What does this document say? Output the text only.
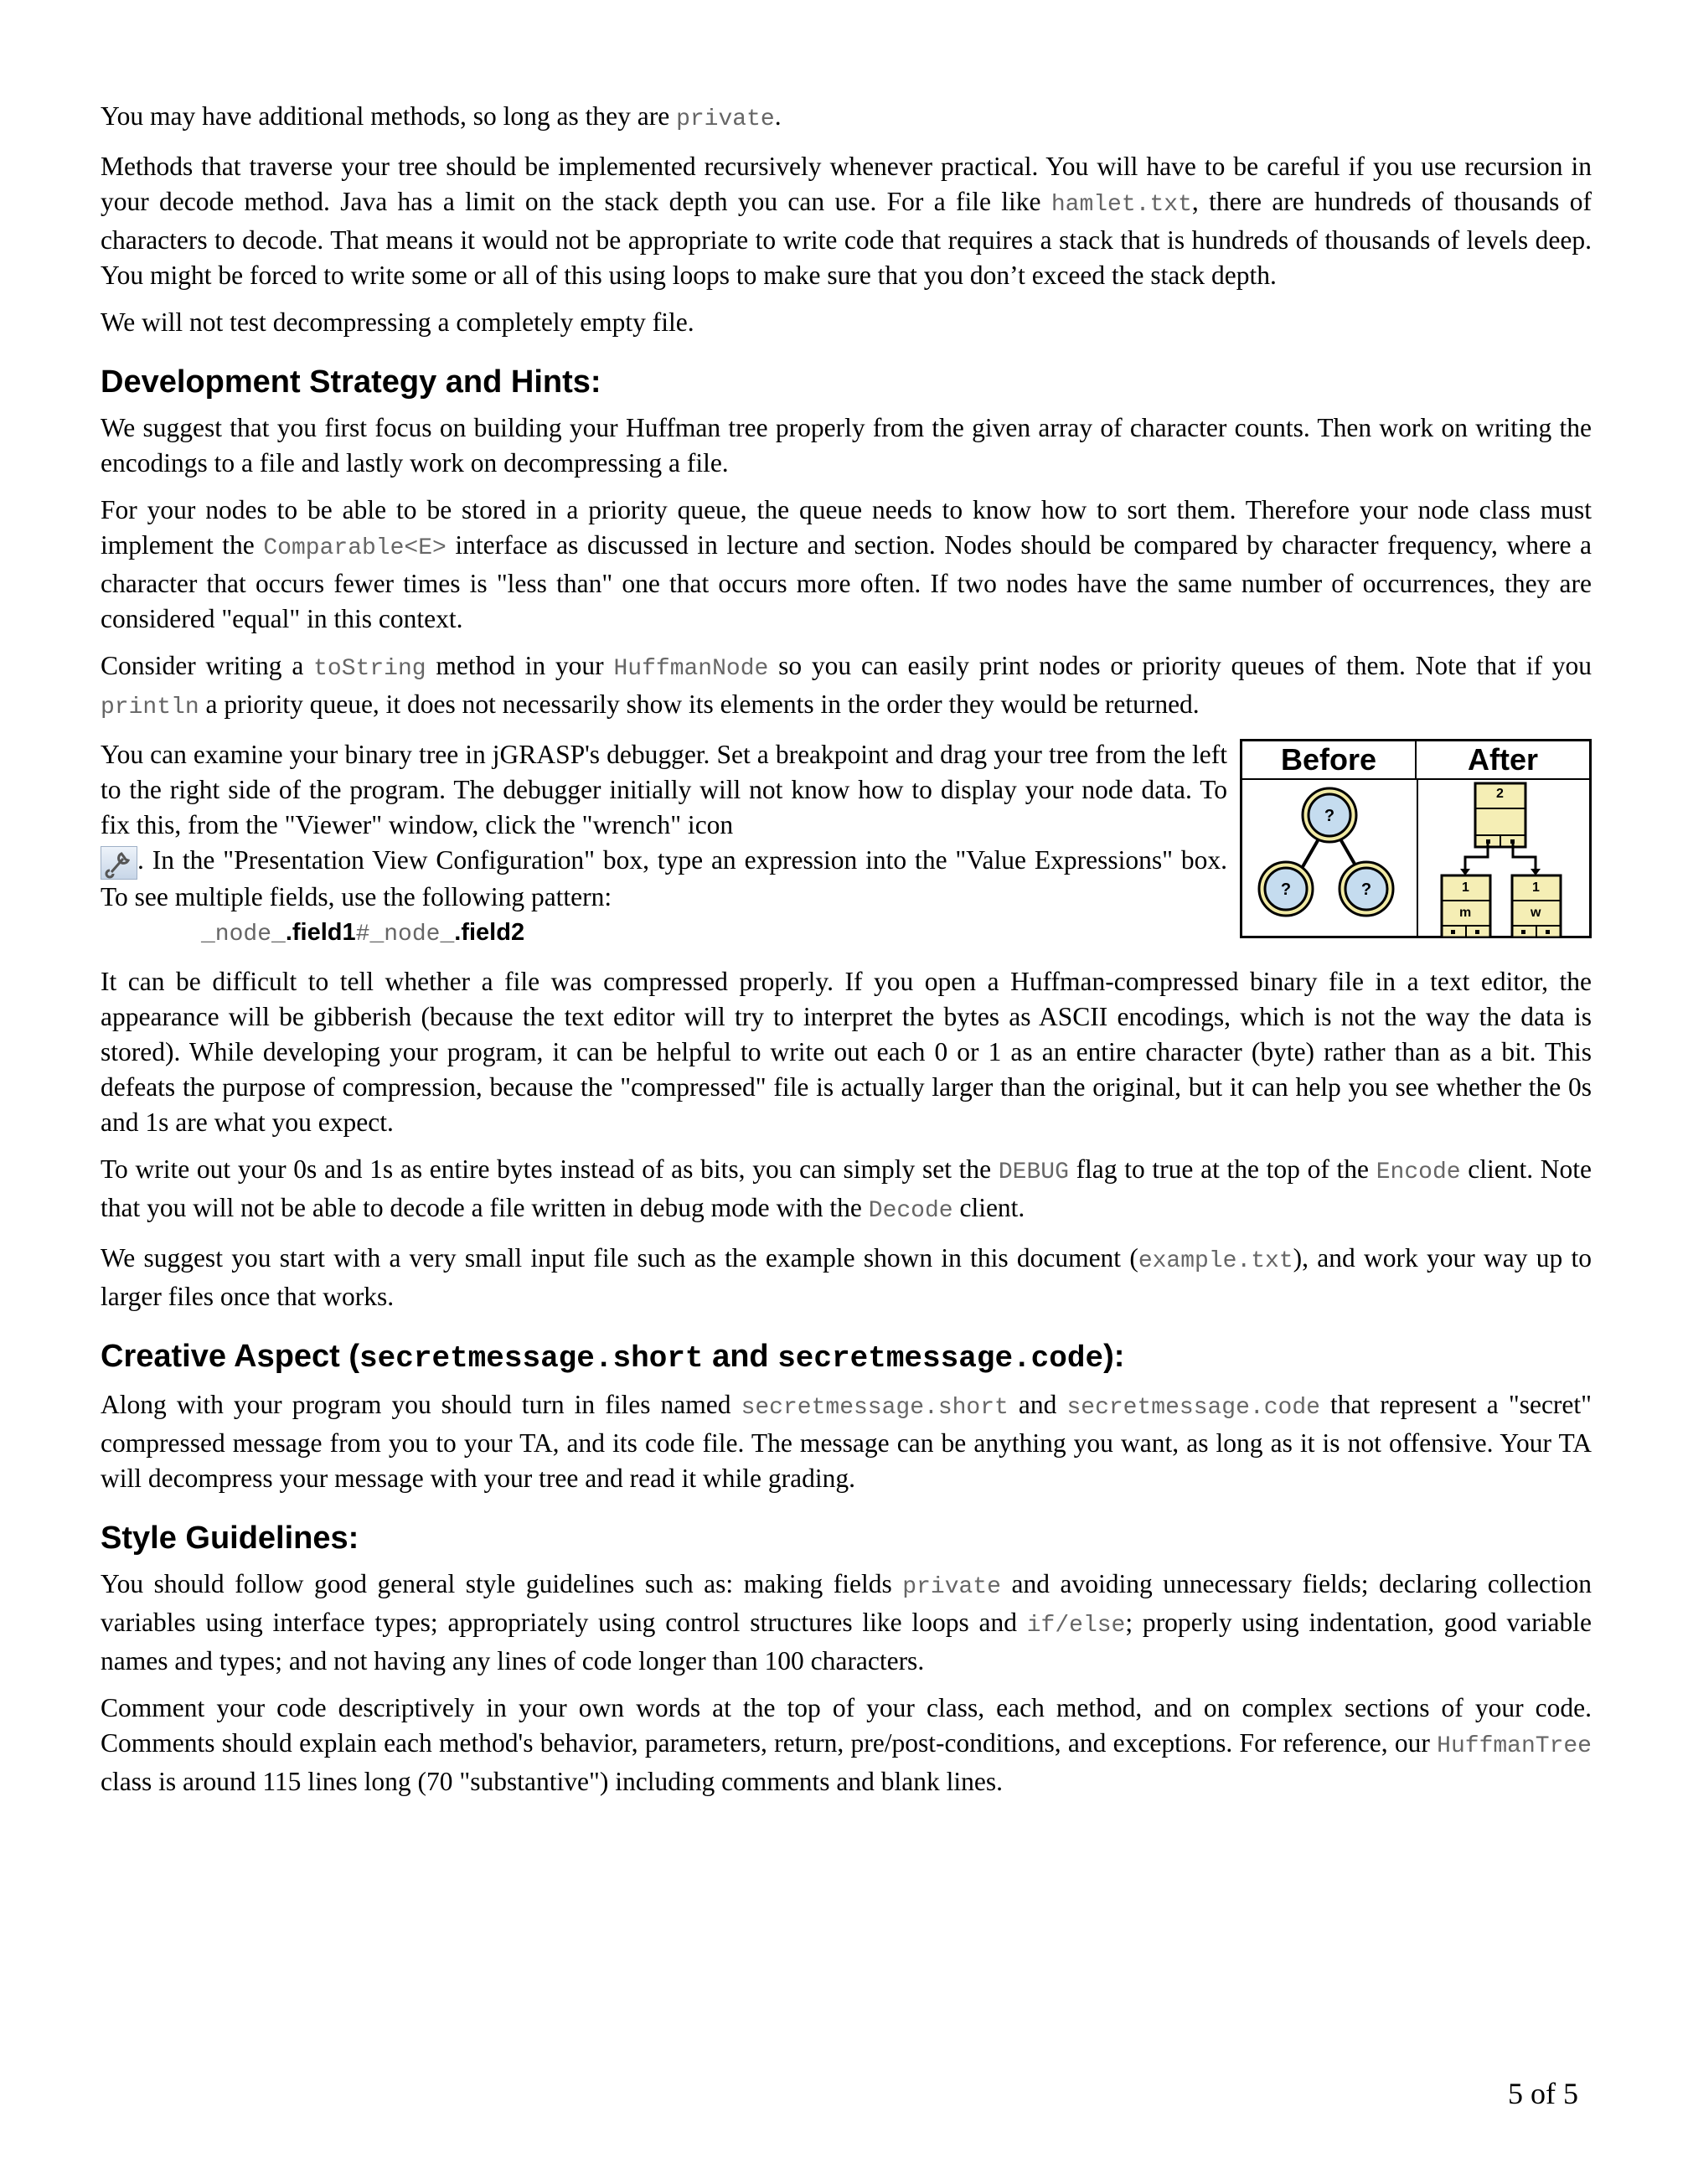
You may have additional methods, so long as they are private.

Methods that traverse your tree should be implemented recursively whenever practical. You will have to be careful if you use recursion in your decode method. Java has a limit on the stack depth you can use. For a file like hamlet.txt, there are hundreds of thousands of characters to decode. That means it would not be appropriate to write code that requires a stack that is hundreds of thousands of levels deep. You might be forced to write some or all of this using loops to make sure that you don’t exceed the stack depth.

We will not test decompressing a completely empty file.

Development Strategy and Hints:

We suggest that you first focus on building your Huffman tree properly from the given array of character counts. Then work on writing the encodings to a file and lastly work on decompressing a file.

For your nodes to be able to be stored in a priority queue, the queue needs to know how to sort them. Therefore your node class must implement the Comparable<E> interface as discussed in lecture and section. Nodes should be compared by character frequency, where a character that occurs fewer times is "less than" one that occurs more often. If two nodes have the same number of occurrences, they are considered "equal" in this context.

Consider writing a toString method in your HuffmanNode so you can easily print nodes or priority queues of them. Note that if you println a priority queue, it does not necessarily show its elements in the order they would be returned.

You can examine your binary tree in jGRASP's debugger. Set a breakpoint and drag your tree from the left to the right side of the program. The debugger initially will not know how to display your node data. To fix this, from the "Viewer" window, click the "wrench" icon
. In the "Presentation View Configuration" box, type an expression into the "Value Expressions" box. To see multiple fields, use the following pattern:

_node_.field1#_node_.field2
Before	After
?
?	?
2
1
m
1
w

It can be difficult to tell whether a file was compressed properly. If you open a Huffman-compressed binary file in a text editor, the appearance will be gibberish (because the text editor will try to interpret the bytes as ASCII encodings, which is not the way the data is stored). While developing your program, it can be helpful to write out each 0 or 1 as an entire character (byte) rather than as a bit. This defeats the purpose of compression, because the "compressed" file is actually larger than the original, but it can help you see whether the 0s and 1s are what you expect.

To write out your 0s and 1s as entire bytes instead of as bits, you can simply set the DEBUG flag to true at the top of the Encode client. Note that you will not be able to decode a file written in debug mode with the Decode client.

We suggest you start with a very small input file such as the example shown in this document (example.txt), and work your way up to larger files once that works.

Creative Aspect (secretmessage.short and secretmessage.code):

Along with your program you should turn in files named secretmessage.short and secretmessage.code that represent a "secret" compressed message from you to your TA, and its code file. The message can be anything you want, as long as it is not offensive. Your TA will decompress your message with your tree and read it while grading.

Style Guidelines:

You should follow good general style guidelines such as: making fields private and avoiding unnecessary fields; declaring collection variables using interface types; appropriately using control structures like loops and if/else; properly using indentation, good variable names and types; and not having any lines of code longer than 100 characters.

Comment your code descriptively in your own words at the top of your class, each method, and on complex sections of your code. Comments should explain each method's behavior, parameters, return, pre/post-conditions, and exceptions. For reference, our HuffmanTree class is around 115 lines long (70 "substantive") including comments and blank lines.

5 of 5
